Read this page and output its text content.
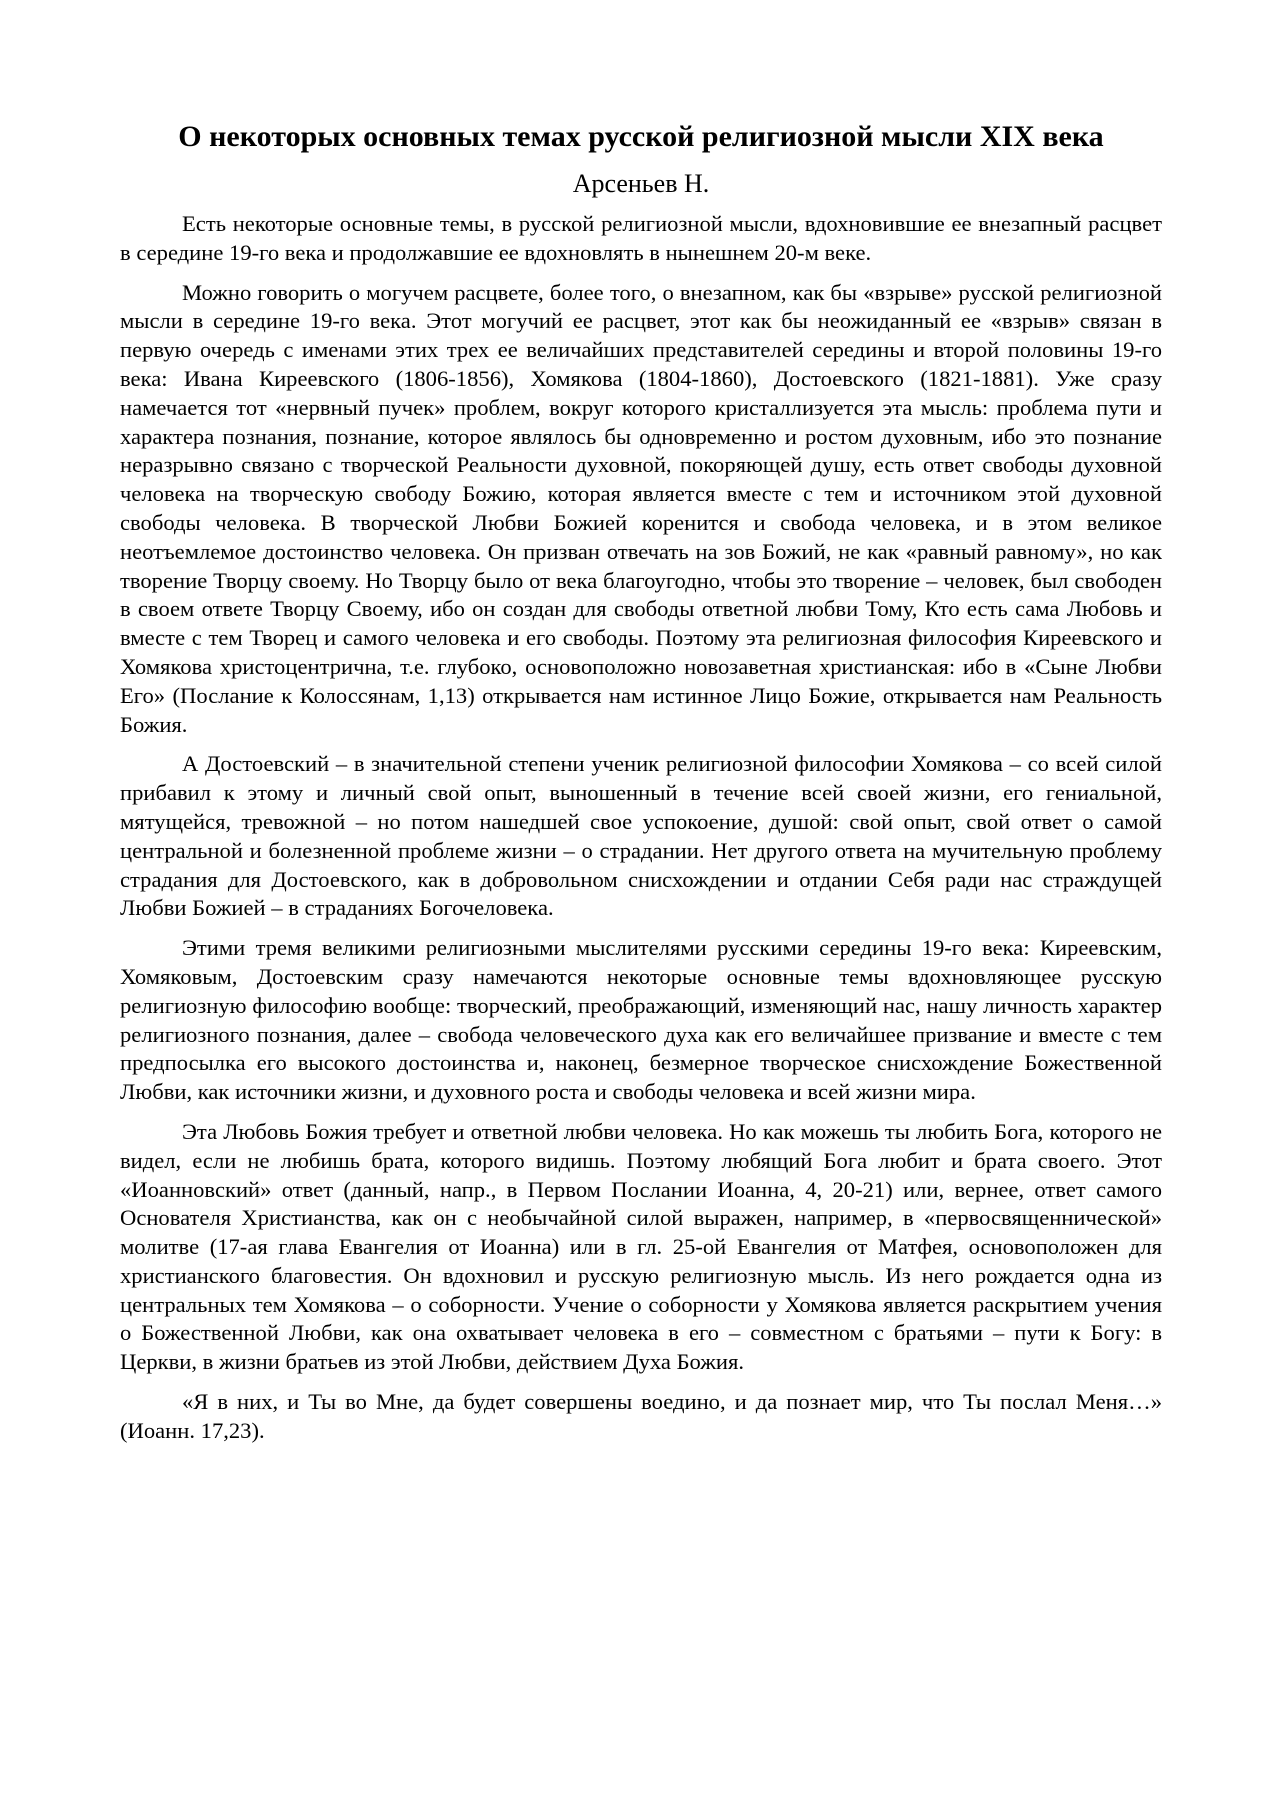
О некоторых основных темах русской религиозной мысли XIX века
Арсеньев Н.

Есть некоторые основные темы, в русской религиозной мысли, вдохновившие ее внезапный расцвет в середине 19-го века и продолжавшие ее вдохновлять в нынешнем 20-м веке.

Можно говорить о могучем расцвете, более того, о внезапном, как бы «взрыве» русской религиозной мысли в середине 19-го века. Этот могучий ее расцвет, этот как бы неожиданный ее «взрыв» связан в первую очередь с именами этих трех ее величайших представителей середины и второй половины 19-го века: Ивана Киреевского (1806-1856), Хомякова (1804-1860), Достоевского (1821-1881). Уже сразу намечается тот «нервный пучек» проблем, вокруг которого кристаллизуется эта мысль: проблема пути и характера познания, познание, которое являлось бы одновременно и ростом духовным, ибо это познание неразрывно связано с творческой Реальности духовной, покоряющей душу, есть ответ свободы духовной человека на творческую свободу Божию, которая является вместе с тем и источником этой духовной свободы человека. В творческой Любви Божией коренится и свобода человека, и в этом великое неотъемлемое достоинство человека. Он призван отвечать на зов Божий, не как «равный равному», но как творение Творцу своему. Но Творцу было от века благоугодно, чтобы это творение – человек, был свободен в своем ответе Творцу Своему, ибо он создан для свободы ответной любви Тому, Кто есть сама Любовь и вместе с тем Творец и самого человека и его свободы. Поэтому эта религиозная философия Киреевского и Хомякова христоцентрична, т.е. глубоко, основоположно новозаветная христианская: ибо в «Сыне Любви Его» (Послание к Колоссянам, 1,13) открывается нам истинное Лицо Божие, открывается нам Реальность Божия.

А Достоевский – в значительной степени ученик религиозной философии Хомякова – со всей силой прибавил к этому и личный свой опыт, выношенный в течение всей своей жизни, его гениальной, мятущейся, тревожной – но потом нашедшей свое успокоение, душой: свой опыт, свой ответ о самой центральной и болезненной проблеме жизни – о страдании. Нет другого ответа на мучительную проблему страдания для Достоевского, как в добровольном снисхождении и отдании Себя ради нас страждущей Любви Божией – в страданиях Богочеловека.

Этими тремя великими религиозными мыслителями русскими середины 19-го века: Киреевским, Хомяковым, Достоевским сразу намечаются некоторые основные темы вдохновляющее русскую религиозную философию вообще: творческий, преображающий, изменяющий нас, нашу личность характер религиозного познания, далее – свобода человеческого духа как его величайшее призвание и вместе с тем предпосылка его высокого достоинства и, наконец, безмерное творческое снисхождение Божественной Любви, как источники жизни, и духовного роста и свободы человека и всей жизни мира.

Эта Любовь Божия требует и ответной любви человека. Но как можешь ты любить Бога, которого не видел, если не любишь брата, которого видишь. Поэтому любящий Бога любит и брата своего. Этот «Иоанновский» ответ (данный, напр., в Первом Послании Иоанна, 4, 20-21) или, вернее, ответ самого Основателя Христианства, как он с необычайной силой выражен, например, в «первосвященнической» молитве (17-ая глава Евангелия от Иоанна) или в гл. 25-ой Евангелия от Матфея, основоположен для христианского благовестия. Он вдохновил и русскую религиозную мысль. Из него рождается одна из центральных тем Хомякова – о соборности. Учение о соборности у Хомякова является раскрытием учения о Божественной Любви, как она охватывает человека в его – совместном с братьями – пути к Богу: в Церкви, в жизни братьев из этой Любви, действием Духа Божия.

«Я в них, и Ты во Мне, да будет совершены воедино, и да познает мир, что Ты послал Меня…» (Иоанн. 17,23).
